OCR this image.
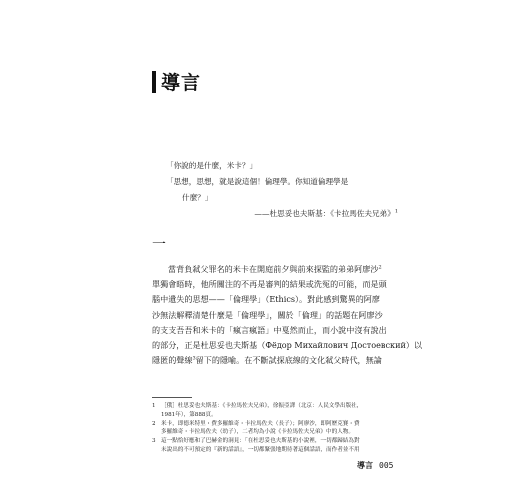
導言
「你說的是什麼，米卡？」
「思想，思想，就是說這個！倫理學。你知道倫理學是
什麼？」
——杜思妥也夫斯基：《卡拉馬佐夫兄弟》$^1$
一
當背負弒父罪名的米卡在開庭前夕與前來探監的弟弟阿廖沙$^2$
單獨會晤時，他所關注的不再是審判的結果或洗冤的可能，而是頭
腦中遺失的思想——「倫理學」（Ethics）。對此感到驚異的阿廖
沙無法解釋清楚什麼是「倫理學」，關於「倫理」的話題在阿廖沙
的支支吾吾和米卡的「瘋言瘋語」中戛然而止，而小說中沒有說出
的部分，正是杜思妥也夫斯基（Фёдор Михайлович Достоевский）以
隱匿的聲線$^3$留下的隱喻。在不斷試探底線的文化弒父時代，無論
1 ［俄］杜思妥也夫斯基：《卡拉馬佐夫兄弟》，徐振亞譯（北京：人民文學出版社，
1981年），第888頁。
2 米卡，即德米特里・費多羅維奇・卡拉馬佐夫（長子）；阿廖沙，即阿歷克賽・費
多羅維奇・卡拉馬佐夫（幼子），二者均為小說《卡拉馬佐夫兄弟》中的人物。
3 這一點恰好應和了巴赫金的洞見：「在杜思妥也夫斯基的小說裡，一切都歸結為對
未說出的不可預定的『新的話語』，一切都緊張地期待著這個話語，而作者並不用
導言 005
